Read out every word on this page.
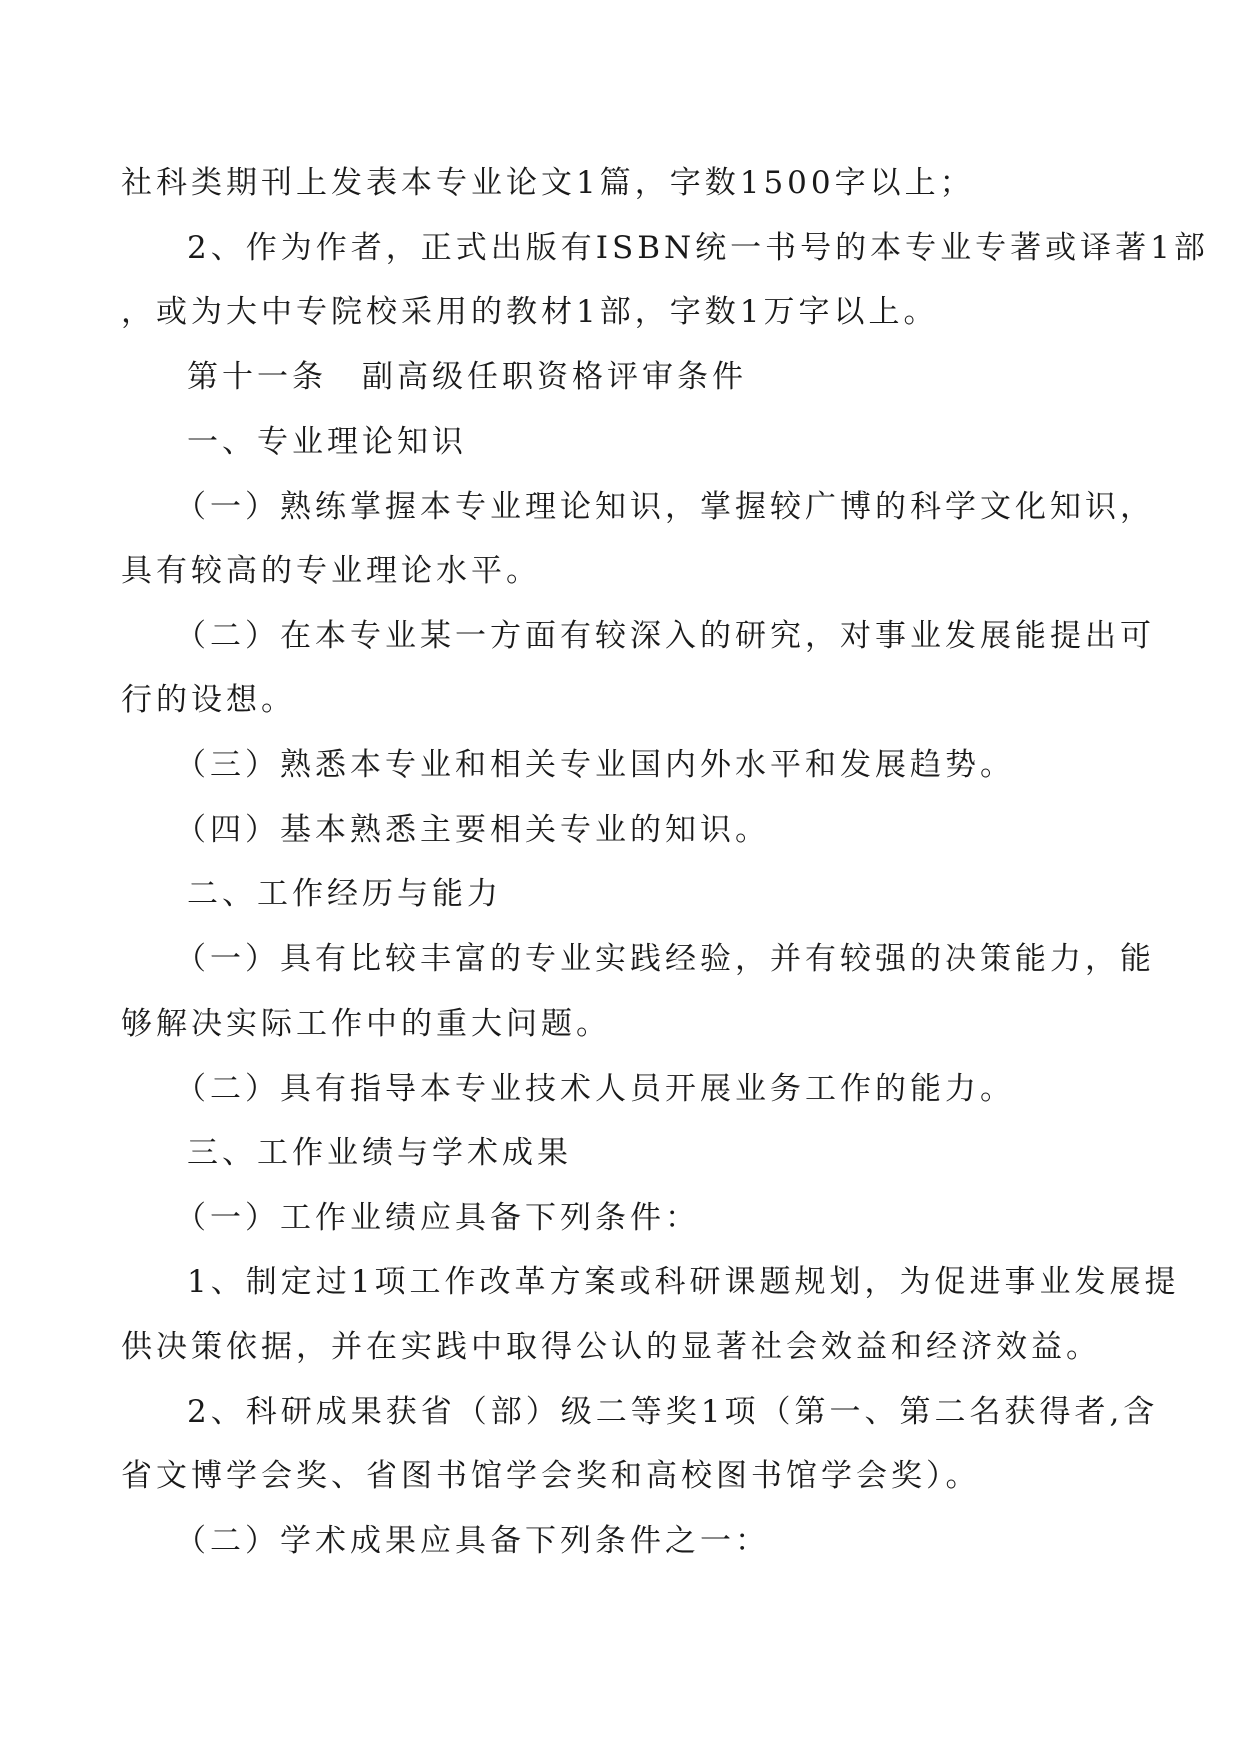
社科类期刊上发表本专业论文1篇，字数1500字以上；
2、作为作者，正式出版有ISBN统一书号的本专业专著或译著1部
，或为大中专院校采用的教材1部，字数1万字以上。
第十一条　副高级任职资格评审条件
一、专业理论知识
（一）熟练掌握本专业理论知识，掌握较广博的科学文化知识，
具有较高的专业理论水平。
（二）在本专业某一方面有较深入的研究，对事业发展能提出可
行的设想。
（三）熟悉本专业和相关专业国内外水平和发展趋势。
（四）基本熟悉主要相关专业的知识。
二、工作经历与能力
（一）具有比较丰富的专业实践经验，并有较强的决策能力，能
够解决实际工作中的重大问题。
（二）具有指导本专业技术人员开展业务工作的能力。
三、工作业绩与学术成果
（一）工作业绩应具备下列条件：
1、制定过1项工作改革方案或科研课题规划，为促进事业发展提
供决策依据，并在实践中取得公认的显著社会效益和经济效益。
2、科研成果获省（部）级二等奖1项（第一、第二名获得者,含
省文博学会奖、省图书馆学会奖和高校图书馆学会奖）。
（二）学术成果应具备下列条件之一：
